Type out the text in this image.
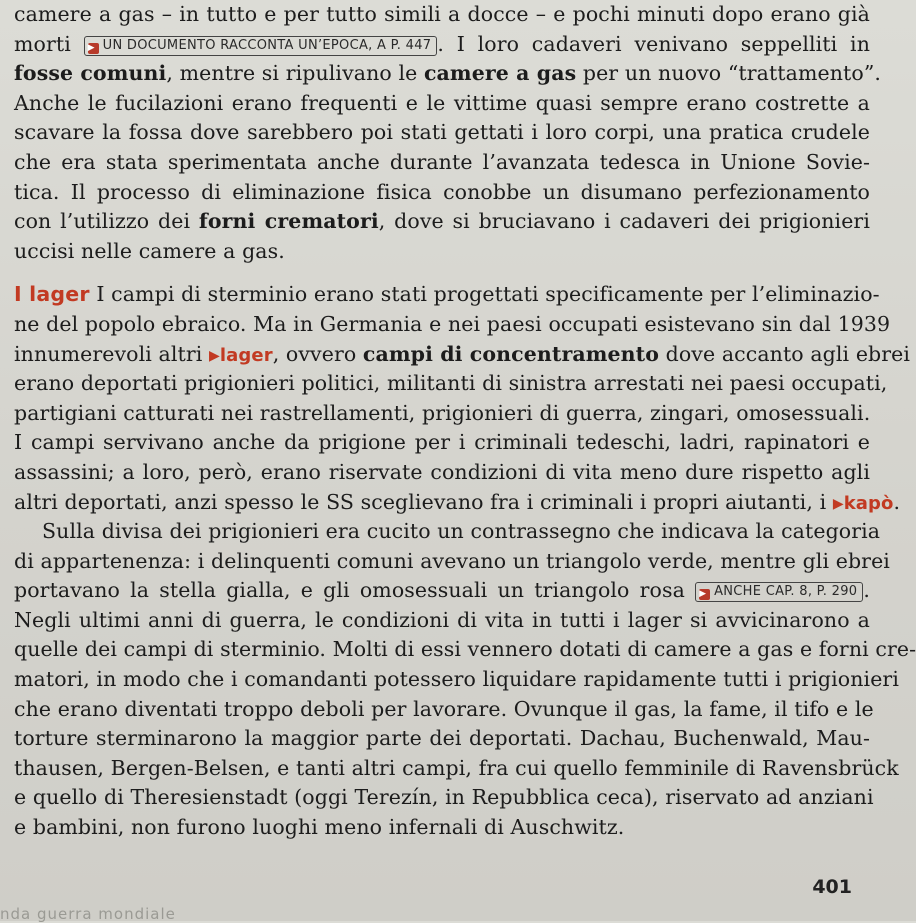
camere a gas – in tutto e per tutto simili a docce – e pochi minuti dopo erano già
morti ▶ UN DOCUMENTO RACCONTA UN’EPOCA, A P. 447 . I loro cadaveri venivano seppelliti in
fosse comuni, mentre si ripulivano le camere a gas per un nuovo “trattamento”.
Anche le fucilazioni erano frequenti e le vittime quasi sempre erano costrette a
scavare la fossa dove sarebbero poi stati gettati i loro corpi, una pratica crudele
che era stata sperimentata anche durante l’avanzata tedesca in Unione Sovie-
tica. Il processo di eliminazione fisica conobbe un disumano perfezionamento
con l’utilizzo dei forni crematori, dove si bruciavano i cadaveri dei prigionieri
uccisi nelle camere a gas.
I lager I campi di sterminio erano stati progettati specificamente per l’eliminazio-
ne del popolo ebraico. Ma in Germania e nei paesi occupati esistevano sin dal 1939
innumerevoli altri ▶lager, ovvero campi di concentramento dove accanto agli ebrei
erano deportati prigionieri politici, militanti di sinistra arrestati nei paesi occupati,
partigiani catturati nei rastrellamenti, prigionieri di guerra, zingari, omosessuali.
I campi servivano anche da prigione per i criminali tedeschi, ladri, rapinatori e
assassini; a loro, però, erano riservate condizioni di vita meno dure rispetto agli
altri deportati, anzi spesso le SS sceglievano fra i criminali i propri aiutanti, i ▶kapò.
Sulla divisa dei prigionieri era cucito un contrassegno che indicava la categoria
di appartenenza: i delinquenti comuni avevano un triangolo verde, mentre gli ebrei
portavano la stella gialla, e gli omosessuali un triangolo rosa ▶ ANCHE CAP. 8, P. 290 .
Negli ultimi anni di guerra, le condizioni di vita in tutti i lager si avvicinarono a
quelle dei campi di sterminio. Molti di essi vennero dotati di camere a gas e forni cre-
matori, in modo che i comandanti potessero liquidare rapidamente tutti i prigionieri
che erano diventati troppo deboli per lavorare. Ovunque il gas, la fame, il tifo e le
torture sterminarono la maggior parte dei deportati. Dachau, Buchenwald, Mau-
thausen, Bergen-Belsen, e tanti altri campi, fra cui quello femminile di Ravensbrück
e quello di Theresienstadt (oggi Terezín, in Repubblica ceca), riservato ad anziani
e bambini, non furono luoghi meno infernali di Auschwitz.
401
nda guerra mondiale
